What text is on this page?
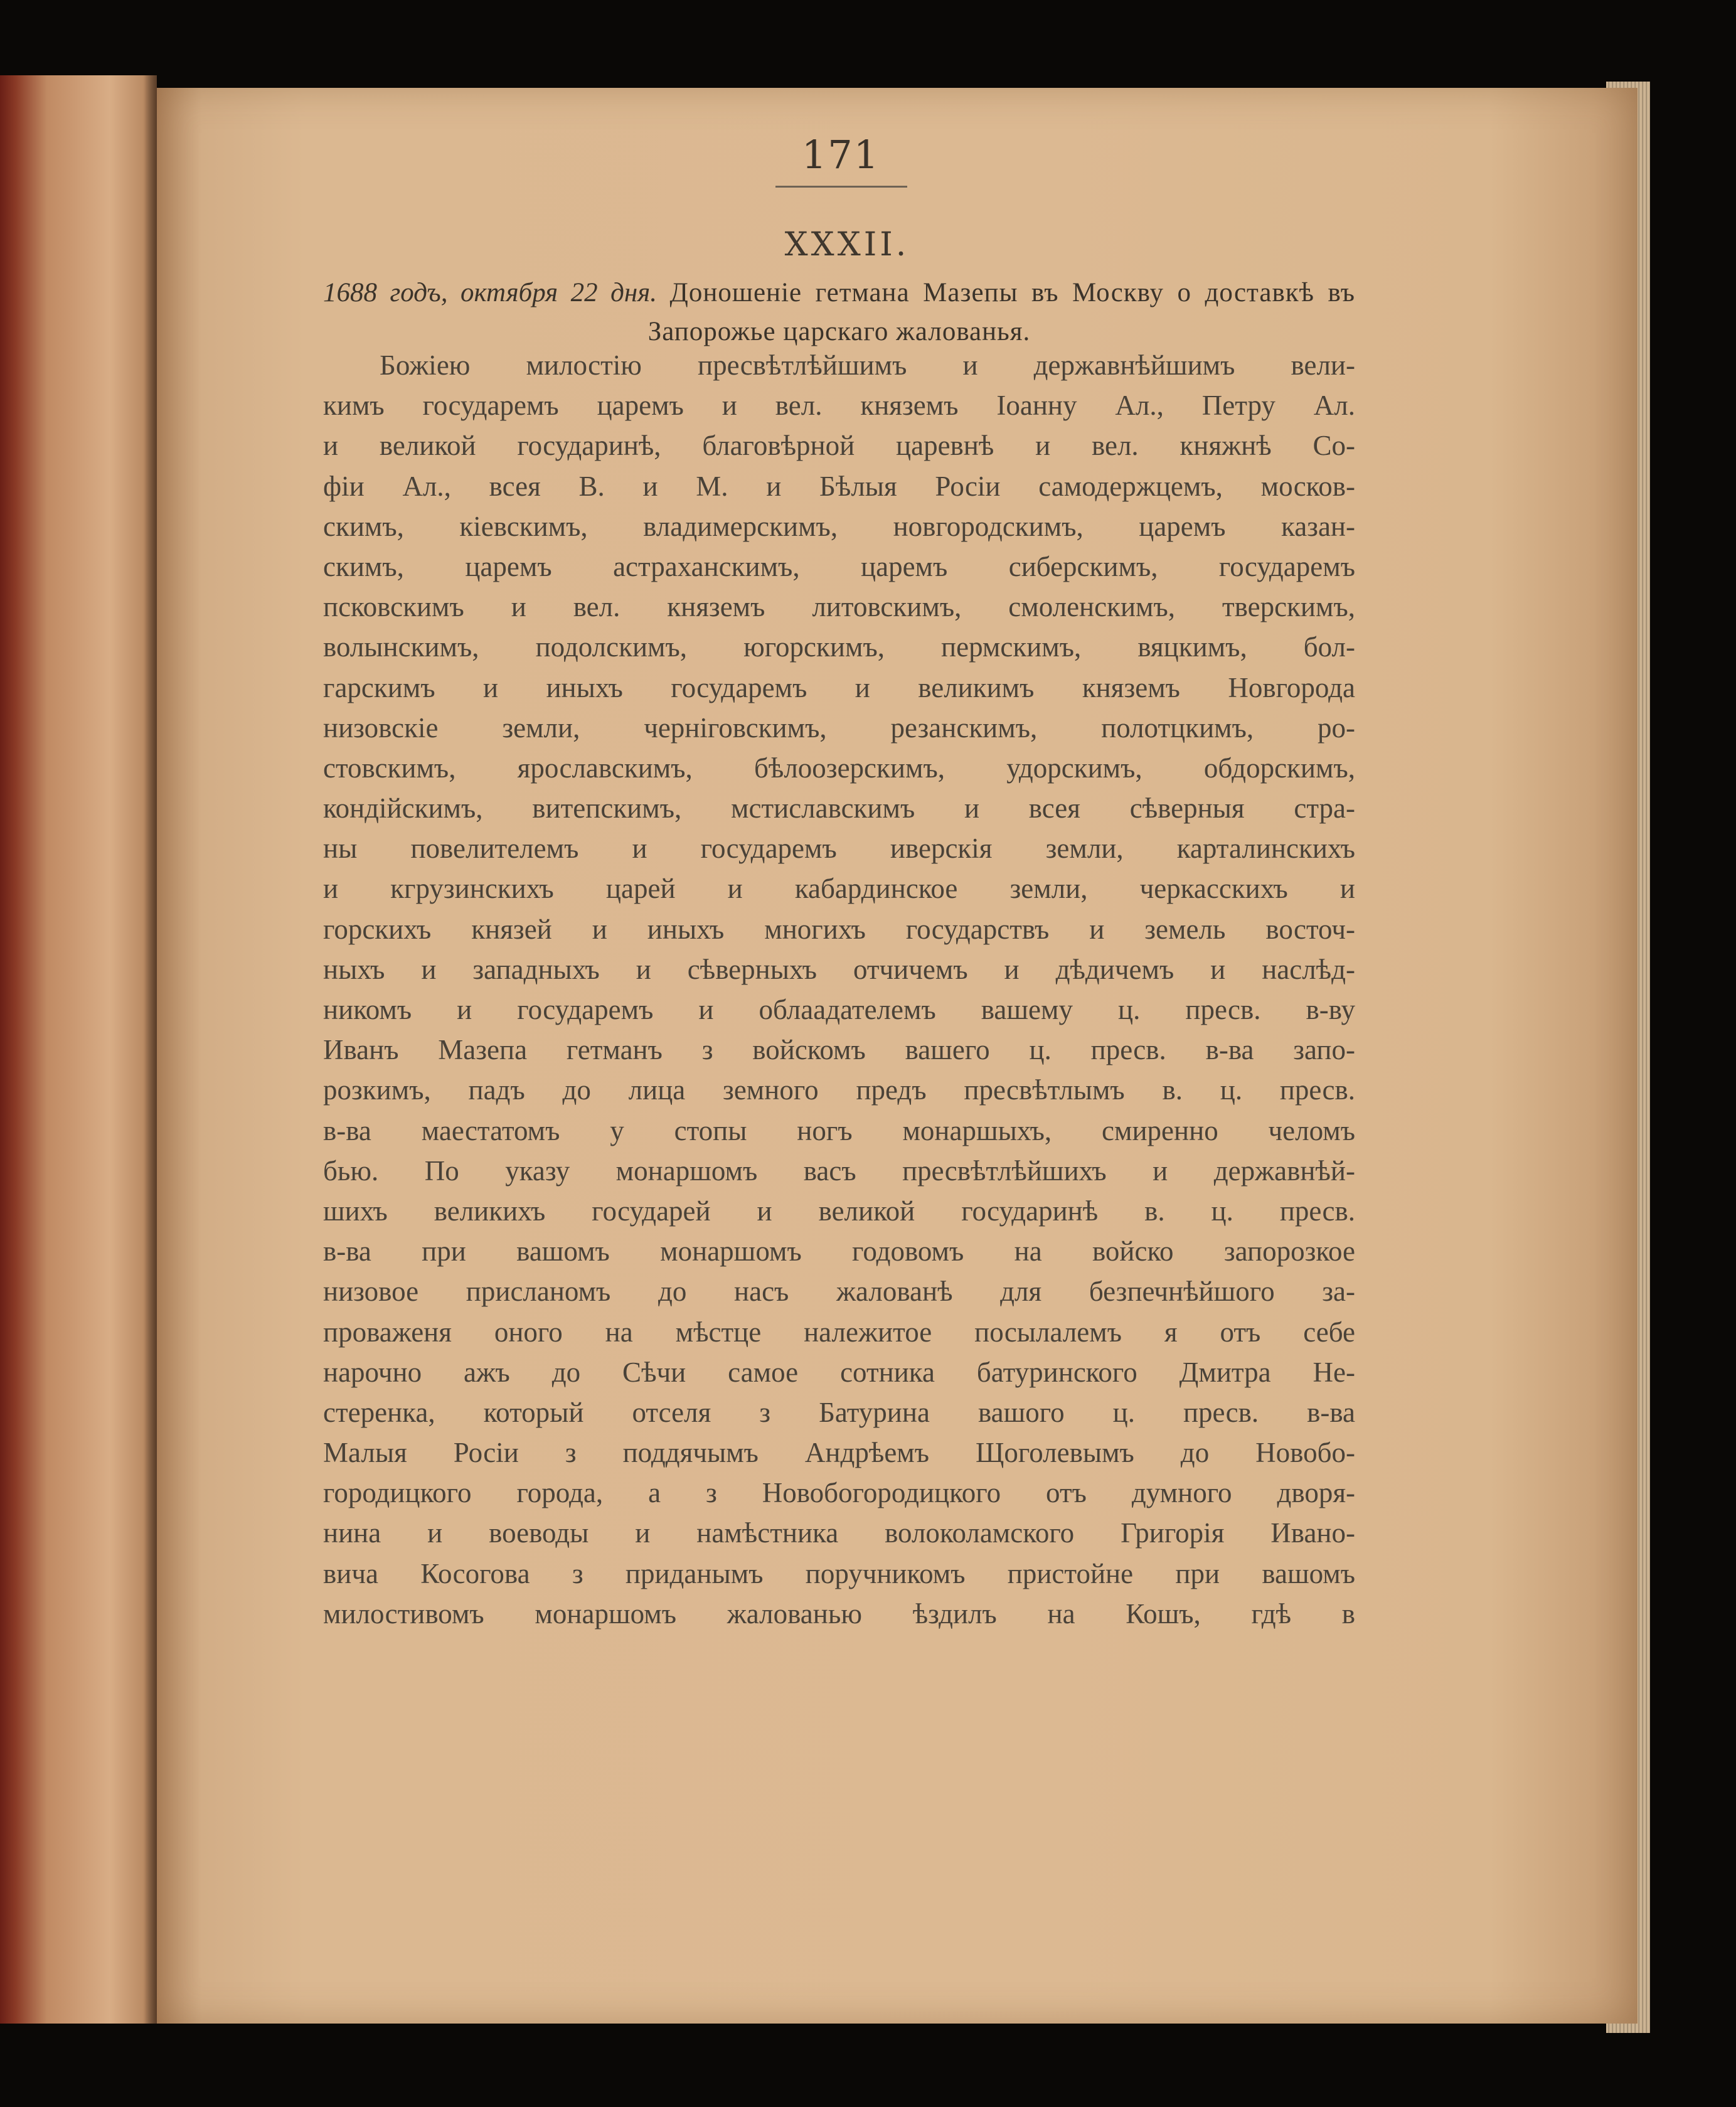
171
XXXII.
1688 годъ, октября 22 дня. Доношеніе гетмана Мазепы въ Москву о доставкѣ въ Запорожье царскаго жалованья.
Божіею милостію пресвѣтлѣйшимъ и державнѣйшимъ вели-
кимъ государемъ царемъ и вел. княземъ Іоанну Ал., Петру Ал.
и великой государинѣ, благовѣрной царевнѣ и вел. княжнѣ Со-
фіи Ал., всея В. и М. и Бѣлыя Росіи самодержцемъ, москов-
скимъ, кіевскимъ, владимерскимъ, новгородскимъ, царемъ казан-
скимъ, царемъ астраханскимъ, царемъ сиберскимъ, государемъ
псковскимъ и вел. княземъ литовскимъ, смоленскимъ, тверскимъ,
волынскимъ, подолскимъ, югорскимъ, пермскимъ, вяцкимъ, бол-
гарскимъ и иныхъ государемъ и великимъ княземъ Новгорода
низовскіе земли, черніговскимъ, резанскимъ, полотцкимъ, ро-
стовскимъ, ярославскимъ, бѣлоозерскимъ, удорскимъ, обдорскимъ,
кондійскимъ, витепскимъ, мстиславскимъ и всея сѣверныя стра-
ны повелителемъ и государемъ иверскія земли, карталинскихъ
и кгрузинскихъ царей и кабардинское земли, черкасскихъ и
горскихъ князей и иныхъ многихъ государствъ и земель восточ-
ныхъ и западныхъ и сѣверныхъ отчичемъ и дѣдичемъ и наслѣд-
никомъ и государемъ и облаадателемъ вашему ц. пресв. в-ву
Иванъ Мазепа гетманъ з войскомъ вашего ц. пресв. в-ва запо-
розкимъ, падъ до лица земного предъ пресвѣтлымъ в. ц. пресв.
в-ва маестатомъ у стопы ногъ монаршыхъ, смиренно челомъ
бью. По указу монаршомъ васъ пресвѣтлѣйшихъ и державнѣй-
шихъ великихъ государей и великой государинѣ в. ц. пресв.
в-ва при вашомъ монаршомъ годовомъ на войско запорозкое
низовое присланомъ до насъ жалованѣ для безпечнѣйшого за-
проваженя оного на мѣстце належитое посылалемъ я отъ себе
нарочно ажъ до Сѣчи самое сотника батуринского Дмитра Не-
стеренка, который отселя з Батурина вашого ц. пресв. в-ва
Малыя Росіи з поддячымъ Андрѣемъ Щоголевымъ до Новобо-
городицкого города, а з Новобогородицкого отъ думного дворя-
нина и воеводы и намѣстника волоколамского Григорія Ивано-
вича Косогова з приданымъ поручникомъ пристойне при вашомъ
милостивомъ монаршомъ жалованью ѣздилъ на Кошъ, гдѣ в
